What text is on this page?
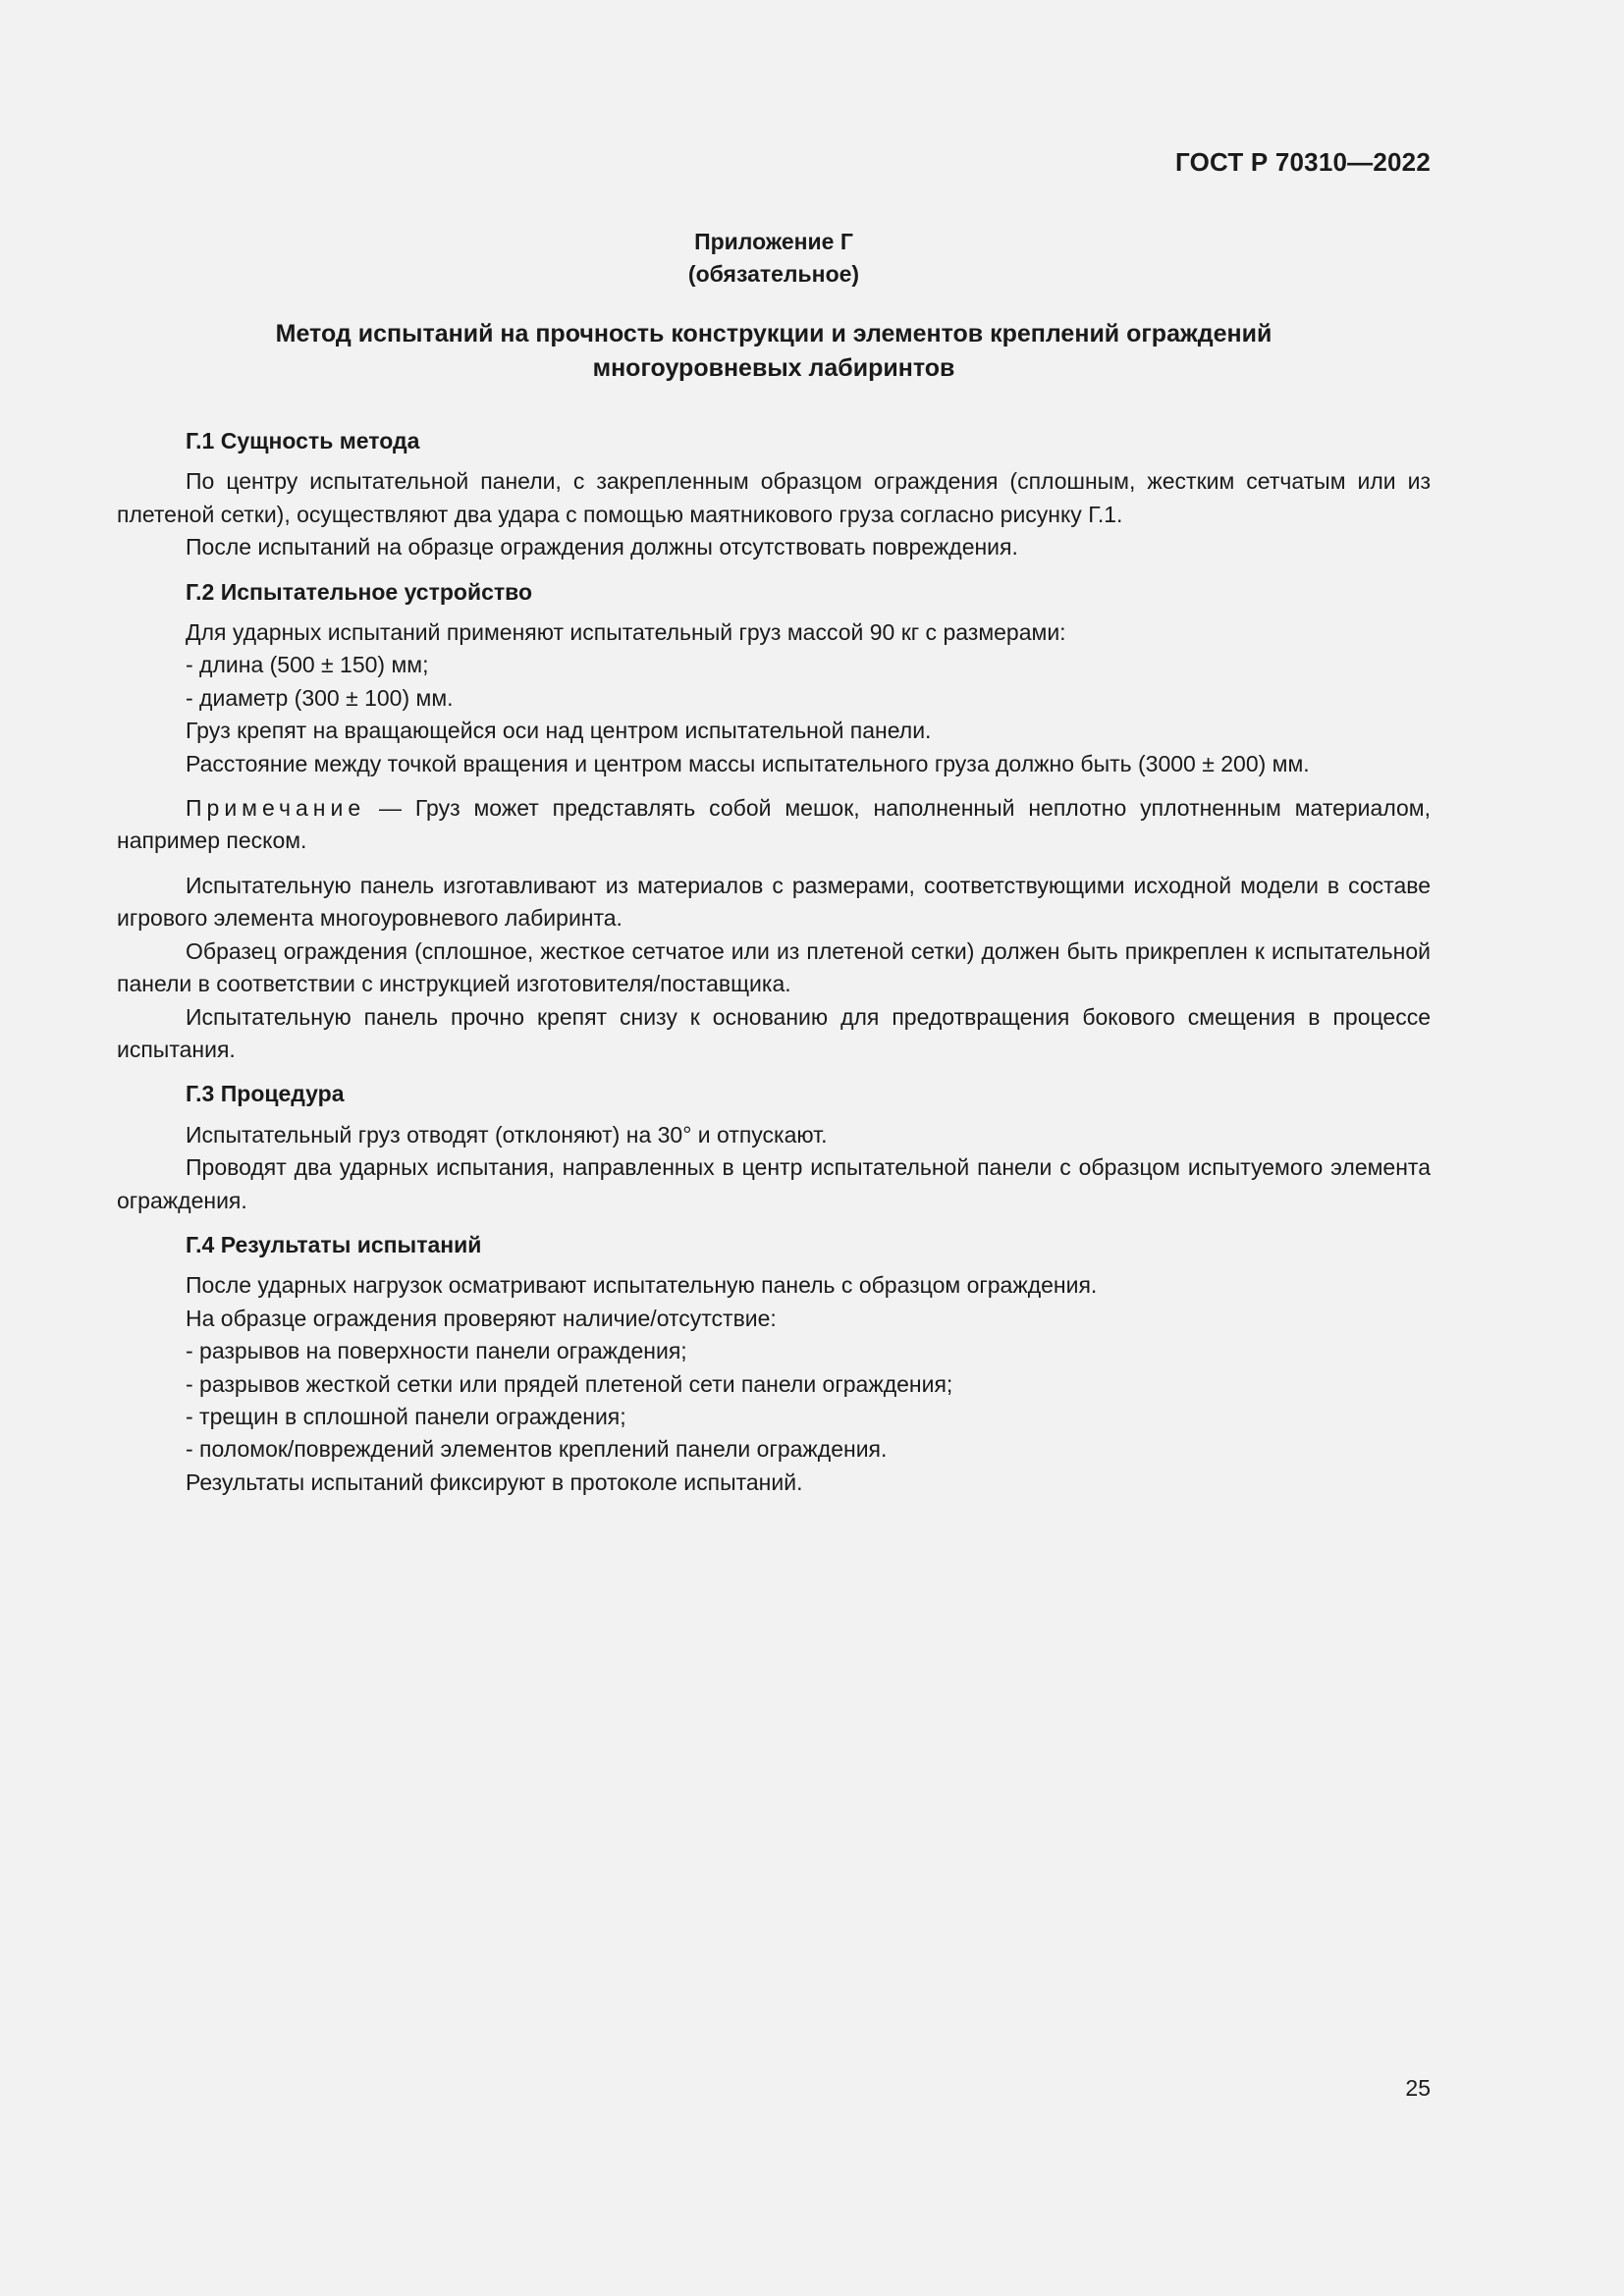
ГОСТ Р 70310—2022
Приложение Г
(обязательное)
Метод испытаний на прочность конструкции и элементов креплений ограждений
многоуровневых лабиринтов
Г.1 Сущность метода

По центру испытательной панели, с закрепленным образцом ограждения (сплошным, жестким сетчатым или из плетеной сетки), осуществляют два удара с помощью маятникового груза согласно рисунку Г.1.

После испытаний на образце ограждения должны отсутствовать повреждения.

Г.2 Испытательное устройство

Для ударных испытаний применяют испытательный груз массой 90 кг с размерами:

- длина (500 ± 150) мм;

- диаметр (300 ± 100) мм.

Груз крепят на вращающейся оси над центром испытательной панели.

Расстояние между точкой вращения и центром массы испытательного груза должно быть (3000 ± 200) мм.

Примечание — Груз может представлять собой мешок, наполненный неплотно уплотненным материалом, например песком.

Испытательную панель изготавливают из материалов с размерами, соответствующими исходной модели в составе игрового элемента многоуровневого лабиринта.

Образец ограждения (сплошное, жесткое сетчатое или из плетеной сетки) должен быть прикреплен к испытательной панели в соответствии с инструкцией изготовителя/поставщика.

Испытательную панель прочно крепят снизу к основанию для предотвращения бокового смещения в процессе испытания.

Г.3 Процедура

Испытательный груз отводят (отклоняют) на 30° и отпускают.

Проводят два ударных испытания, направленных в центр испытательной панели с образцом испытуемого элемента ограждения.

Г.4 Результаты испытаний

После ударных нагрузок осматривают испытательную панель с образцом ограждения.

На образце ограждения проверяют наличие/отсутствие:

- разрывов на поверхности панели ограждения;

- разрывов жесткой сетки или прядей плетеной сети панели ограждения;

- трещин в сплошной панели ограждения;

- поломок/повреждений элементов креплений панели ограждения.

Результаты испытаний фиксируют в протоколе испытаний.

25
